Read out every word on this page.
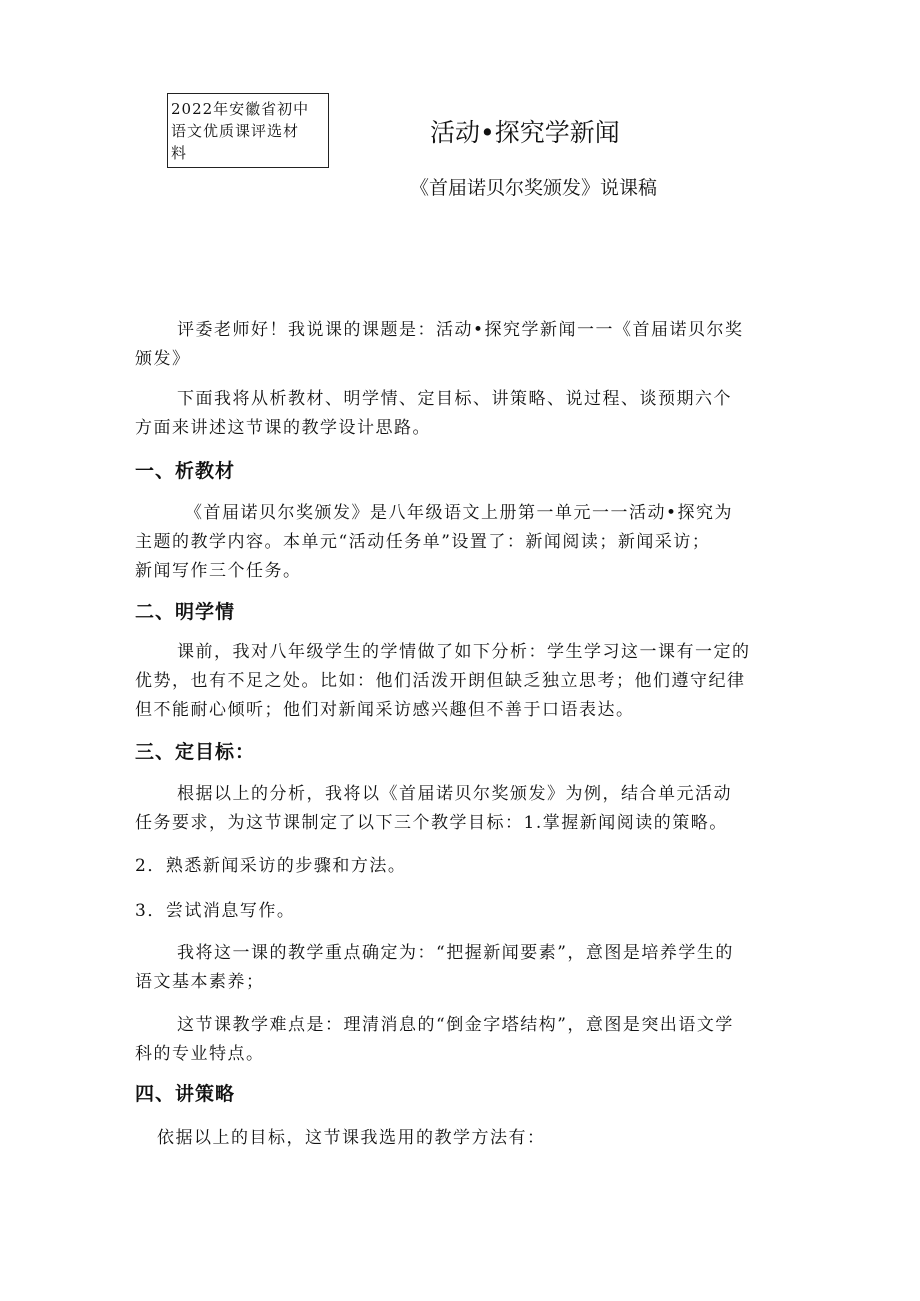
2022年安徽省初中
语文优质课评选材
料
活动•探究学新闻
《首届诺贝尔奖颁发》说课稿
评委老师好！我说课的课题是：活动•探究学新闻一一《首届诺贝尔奖
颁发》
下面我将从析教材、明学情、定目标、讲策略、说过程、谈预期六个
方面来讲述这节课的教学设计思路。
一、析教材
《首届诺贝尔奖颁发》是八年级语文上册第一单元一一活动•探究为
主题的教学内容。本单元“活动任务单”设置了：新闻阅读；新闻采访；
新闻写作三个任务。
二、明学情
课前，我对八年级学生的学情做了如下分析：学生学习这一课有一定的
优势，也有不足之处。比如：他们活泼开朗但缺乏独立思考；他们遵守纪律
但不能耐心倾听；他们对新闻采访感兴趣但不善于口语表达。
三、定目标：
根据以上的分析，我将以《首届诺贝尔奖颁发》为例，结合单元活动
任务要求，为这节课制定了以下三个教学目标：1.掌握新闻阅读的策略。
2．熟悉新闻采访的步骤和方法。
3．尝试消息写作。
我将这一课的教学重点确定为：“把握新闻要素”，意图是培养学生的
语文基本素养；
这节课教学难点是：理清消息的“倒金字塔结构”，意图是突出语文学
科的专业特点。
四、讲策略
依据以上的目标，这节课我选用的教学方法有：
